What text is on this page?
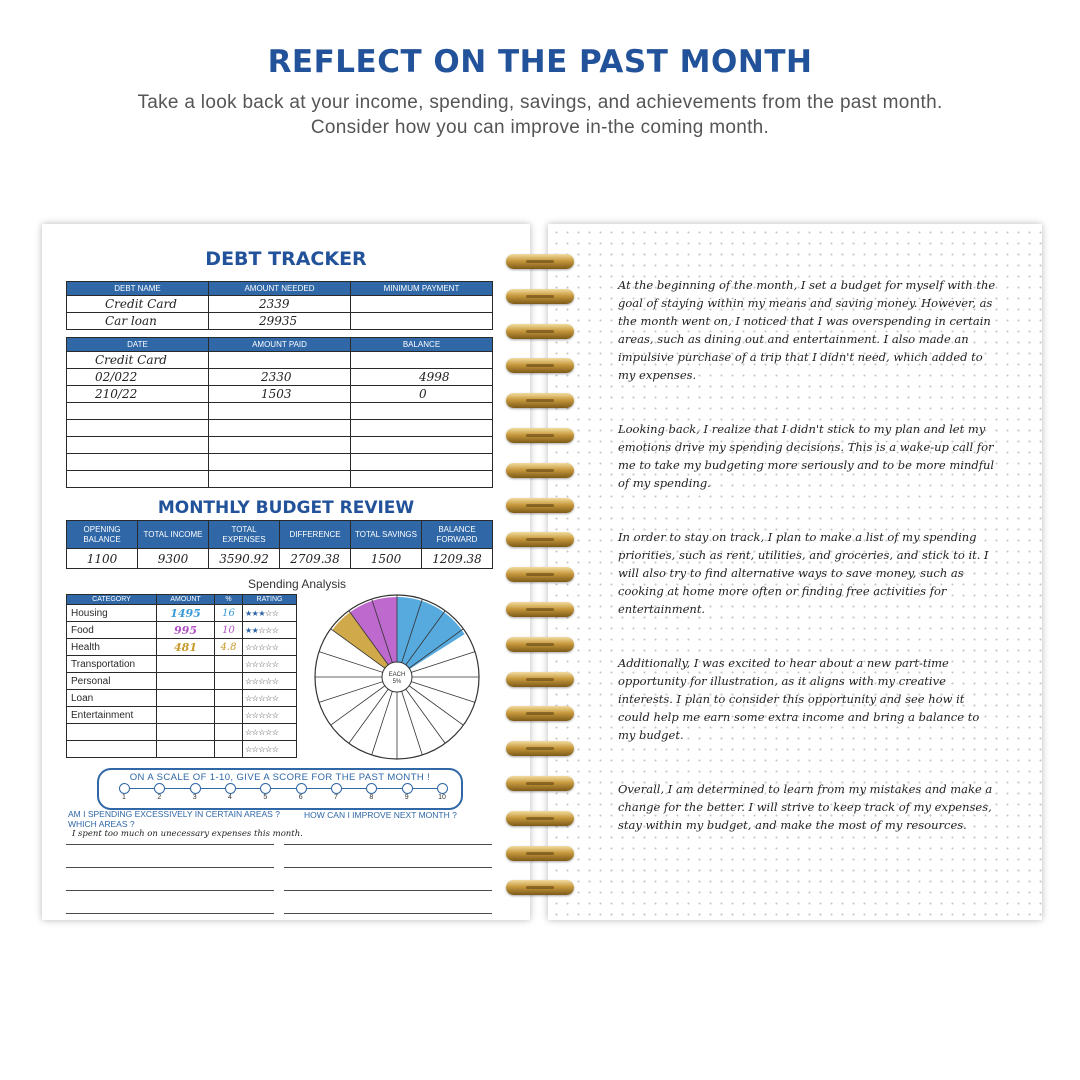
REFLECT ON THE PAST MONTH
Take a look back at your income, spending, savings, and achievements from the past month. Consider how you can improve in-the coming month.
DEBT TRACKER
DEBT NAME	AMOUNT NEEDED	MINIMUM PAYMENT
Credit Card	2339	
Car loan	29935	
DATE	AMOUNT PAID	BALANCE
Credit Card		
02/022	2330	4998
210/22	1503	0

MONTHLY BUDGET REVIEW
OPENING BALANCE	TOTAL INCOME	TOTAL EXPENSES	DIFFERENCE	TOTAL SAVINGS	BALANCE FORWARD
1100	9300	3590.92	2709.38	1500	1209.38
Spending Analysis
CATEGORY	AMOUNT	%	RATING
Housing	1495	16	★★★☆☆
Food	995	10	★★☆☆☆
Health	481	4.8	☆☆☆☆☆
Transportation			☆☆☆☆☆
Personal			☆☆☆☆☆
Loan			☆☆☆☆☆
Entertainment			☆☆☆☆☆
			☆☆☆☆☆
			☆☆☆☆☆
EACH
5%
ON A SCALE OF 1-10, GIVE A SCORE FOR THE PAST MONTH !
1	2	3	4	5	6	7	8	9	10
AM I SPENDING EXCESSIVELY IN CERTAIN AREAS ? WHICH AREAS ?
HOW CAN I IMPROVE NEXT MONTH ?
I spent too much on unecessary expenses this month.

At the beginning of the month, I set a budget for myself with the goal of staying within my means and saving money. However, as the month went on, I noticed that I was overspending in certain areas, such as dining out and entertainment. I also made an impulsive purchase of a trip that I didn't need, which added to my expenses.

Looking back, I realize that I didn't stick to my plan and let my emotions drive my spending decisions. This is a wake-up call for me to take my budgeting more seriously and to be more mindful of my spending.

In order to stay on track, I plan to make a list of my spending priorities, such as rent, utilities, and groceries, and stick to it. I will also try to find alternative ways to save money, such as cooking at home more often or finding free activities for entertainment.

Additionally, I was excited to hear about a new part-time opportunity for illustration, as it aligns with my creative interests. I plan to consider this opportunity and see how it could help me earn some extra income and bring a balance to my budget.

Overall, I am determined to learn from my mistakes and make a change for the better. I will strive to keep track of my expenses, stay within my budget, and make the most of my resources.
